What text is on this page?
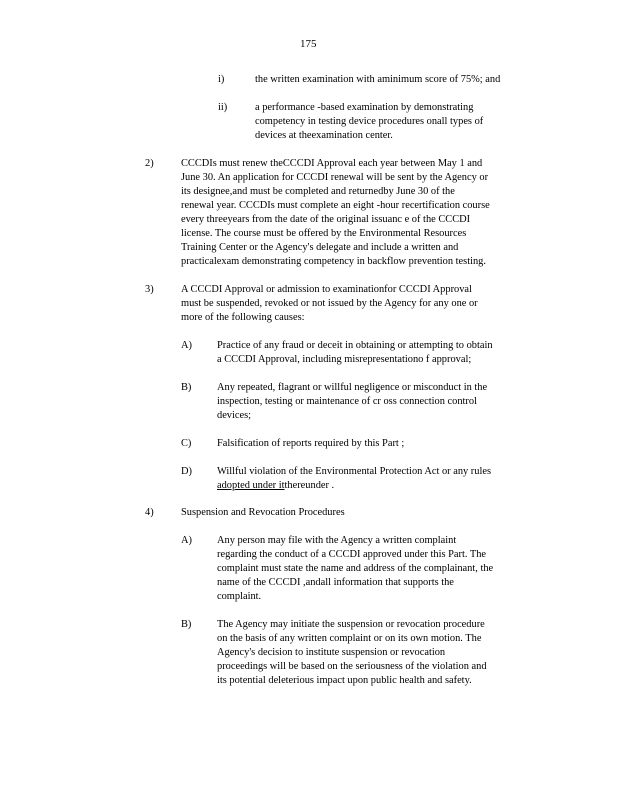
175
i)	the written examination with aminimum score of 75%; and
ii)	a performance -based examination by demonstrating
competency in testing device procedures onall types of
devices at theexamination center.
2)	CCCDIs must renew theCCCDI Approval each year between May 1 and
June 30. An application for CCCDI renewal will be sent by the Agency or
its designee,and must be completed and returnedby June 30 of the
renewal year. CCCDIs must complete an eight -hour recertification course
every threeyears from the date of the original issuanc e of the CCCDI
license. The course must be offered by the Environmental Resources
Training Center or the Agency's delegate and include a written and
practicalexam demonstrating competency in backflow prevention testing.
3)	A CCCDI Approval or admission to examinationfor CCCDI Approval
must be suspended, revoked or not issued by the Agency for any one or
more of the following causes:
A) Practice of any fraud or deceit in obtaining or attempting to obtain
a CCCDI Approval, including misrepresentationo f approval;
B) Any repeated, flagrant or willful negligence or misconduct in the
inspection, testing or maintenance of cr oss connection control
devices;
C) Falsification of reports required by this Part ;
D) Willful violation of the Environmental Protection Act or any rules
adopted under itthereunder .
4)	Suspension and Revocation Procedures
A) Any person may file with the Agency a written complaint
regarding the conduct of a CCCDI approved under this Part. The
complaint must state the name and address of the complainant, the
name of the CCCDI ,andall information that supports the
complaint.
B) The Agency may initiate the suspension or revocation procedure
on the basis of any written complaint or on its own motion. The
Agency's decision to institute suspension or revocation
proceedings will be based on the seriousness of the violation and
its potential deleterious impact upon public health and safety.
